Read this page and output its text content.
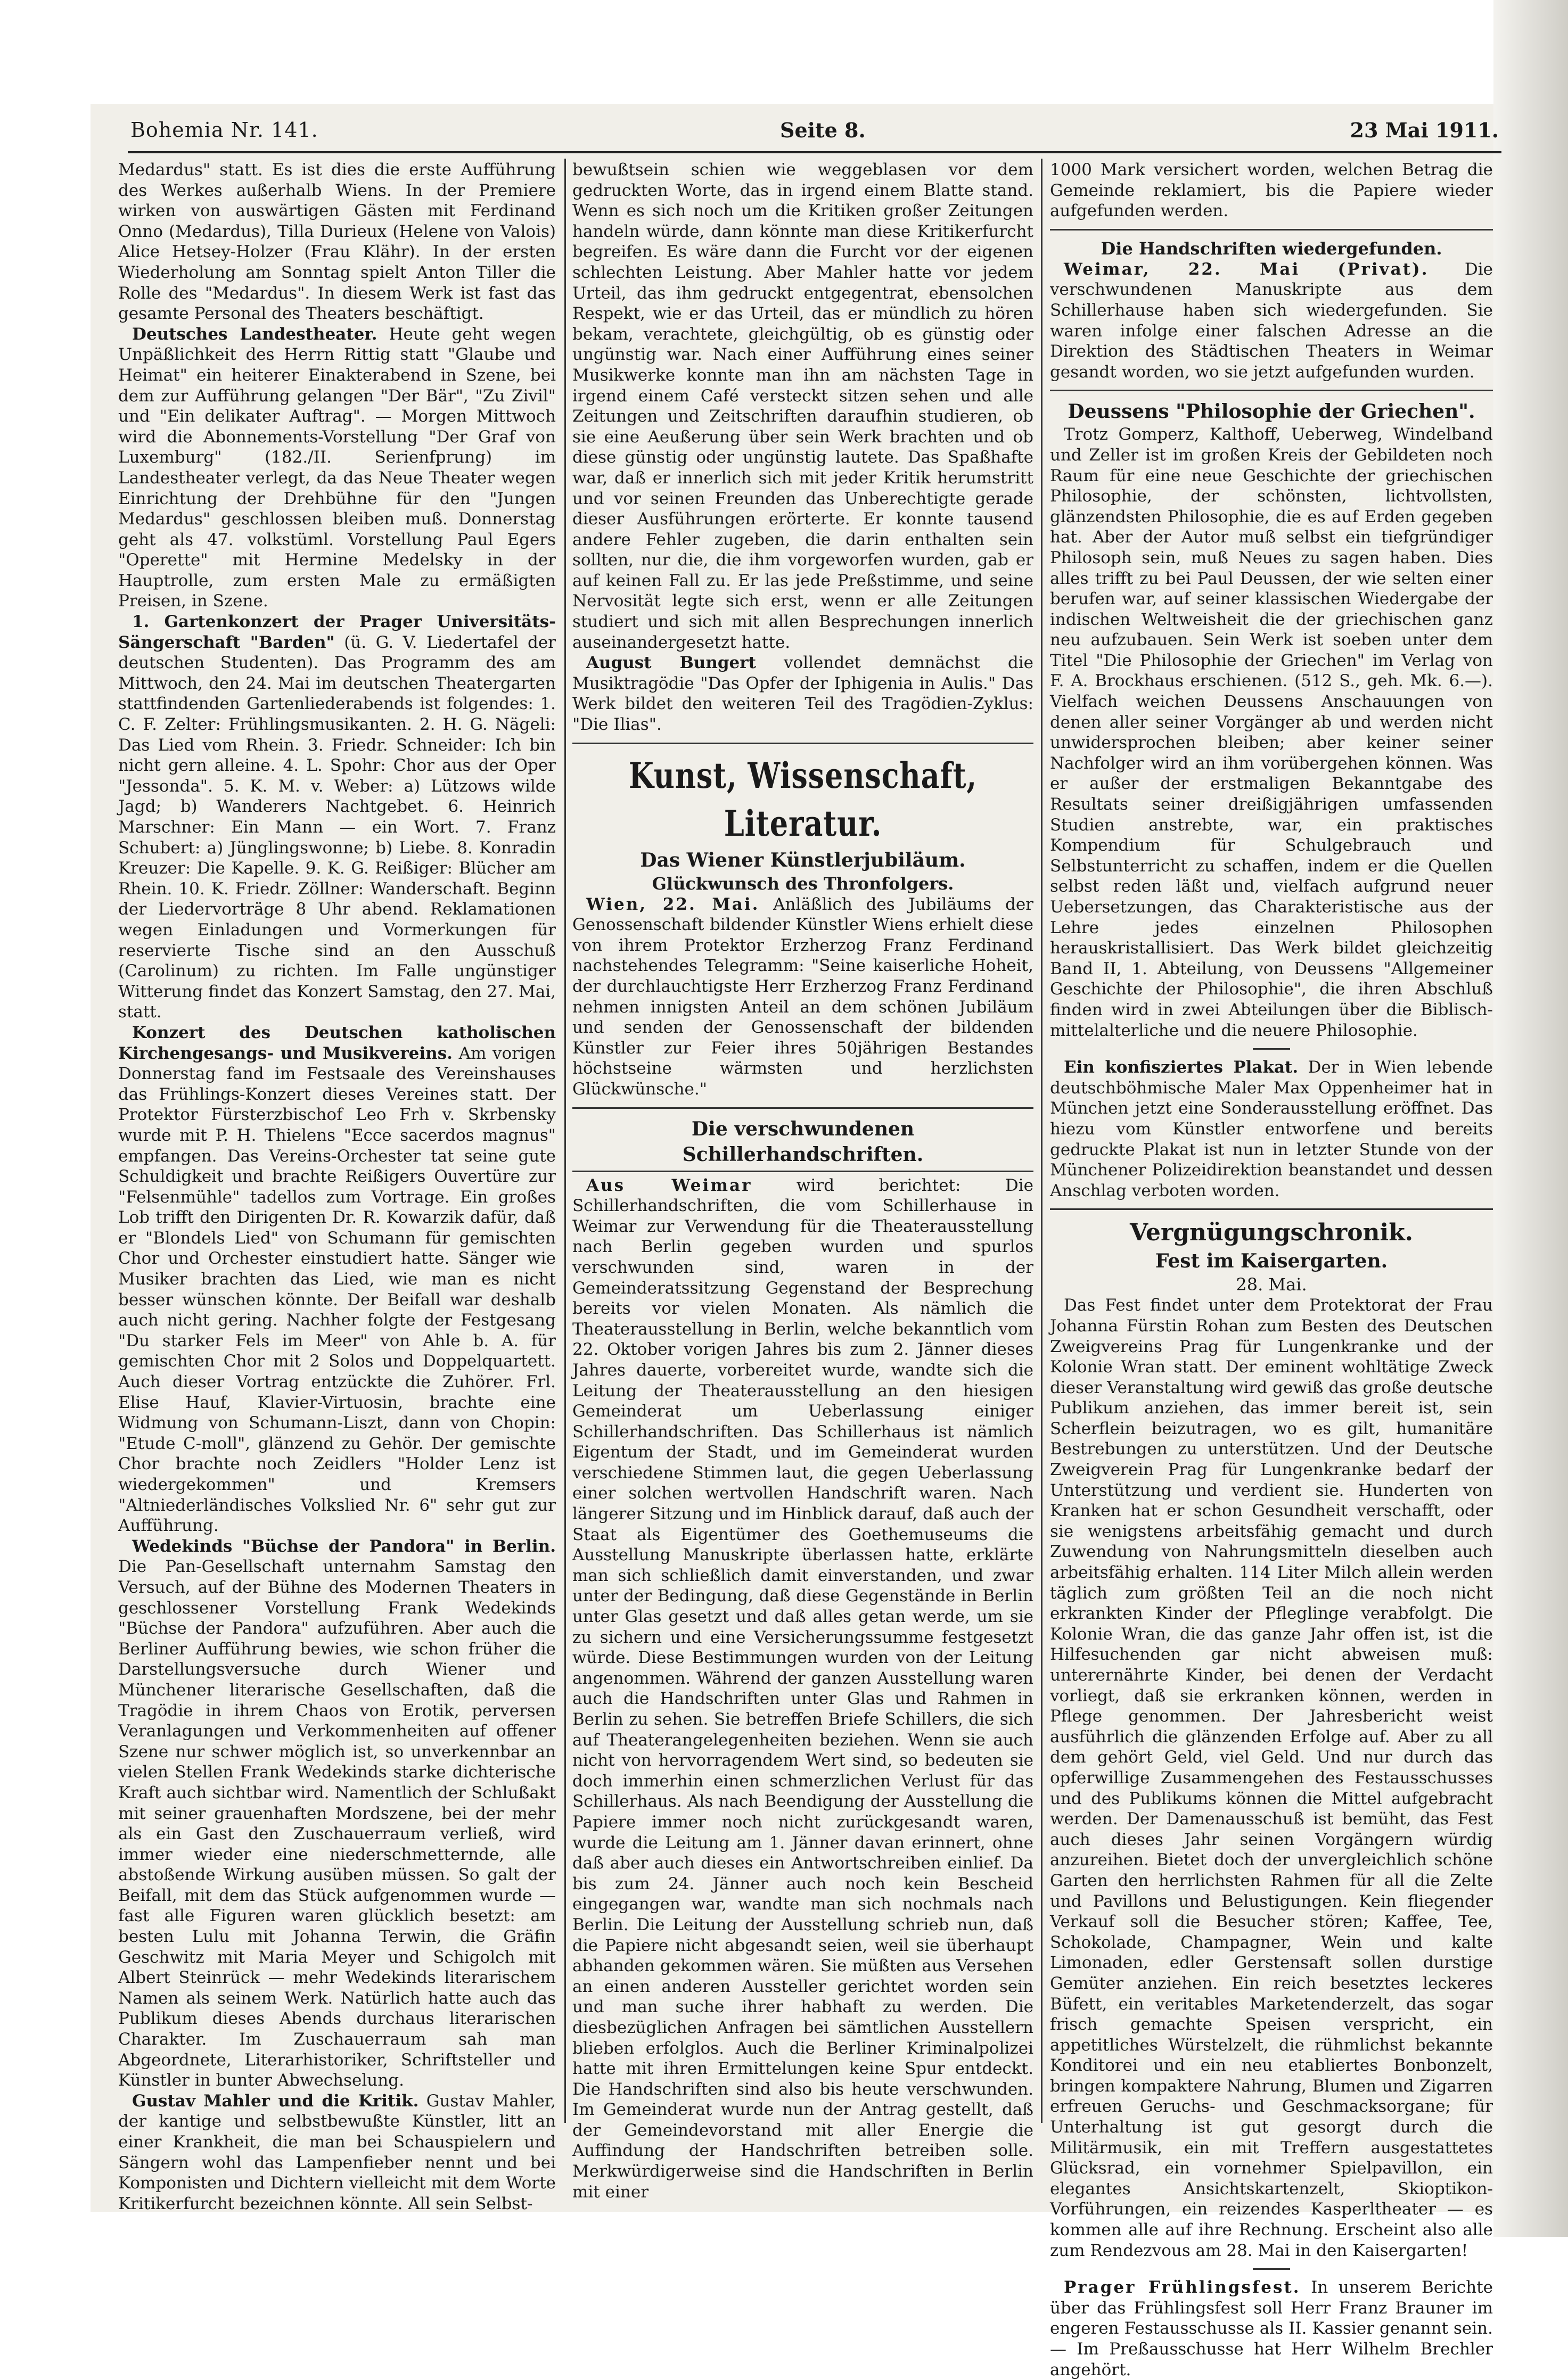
Bohemia Nr. 141.	Seite 8.	23 Mai 1911.

Medardus" statt. Es ist dies die erste Aufführung des Werkes außerhalb Wiens. In der Premiere wirken von auswärtigen Gästen mit Ferdinand Onno (Medardus), Tilla Durieux (Helene von Valois) Alice Hetsey-Holzer (Frau Klähr). In der ersten Wiederholung am Sonntag spielt Anton Tiller die Rolle des "Medardus". In diesem Werk ist fast das gesamte Personal des Theaters beschäftigt.

Deutsches Landestheater. Heute geht wegen Unpäßlichkeit des Herrn Rittig statt "Glaube und Heimat" ein heiterer Einakterabend in Szene, bei dem zur Aufführung gelangen "Der Bär", "Zu Zivil" und "Ein delikater Auftrag". — Morgen Mittwoch wird die Abonnements-Vorstellung "Der Graf von Luxemburg" (182./II. Serienfprung) im Landestheater verlegt, da das Neue Theater wegen Einrichtung der Drehbühne für den "Jungen Medardus" geschlossen bleiben muß. Donnerstag geht als 47. volkstüml. Vorstellung Paul Egers "Operette" mit Hermine Medelsky in der Hauptrolle, zum ersten Male zu ermäßigten Preisen, in Szene.

1. Gartenkonzert der Prager Universitäts-Sängerschaft "Barden" (ü. G. V. Liedertafel der deutschen Studenten). Das Programm des am Mittwoch, den 24. Mai im deutschen Theatergarten stattfindenden Gartenliederabends ist folgendes: 1. C. F. Zelter: Frühlingsmusikanten. 2. H. G. Nägeli: Das Lied vom Rhein. 3. Friedr. Schneider: Ich bin nicht gern alleine. 4. L. Spohr: Chor aus der Oper "Jessonda". 5. K. M. v. Weber: a) Lützows wilde Jagd; b) Wanderers Nachtgebet. 6. Heinrich Marschner: Ein Mann — ein Wort. 7. Franz Schubert: a) Jünglingswonne; b) Liebe. 8. Konradin Kreuzer: Die Kapelle. 9. K. G. Reißiger: Blücher am Rhein. 10. K. Friedr. Zöllner: Wanderschaft. Beginn der Liedervorträge 8 Uhr abend. Reklamationen wegen Einladungen und Vormerkungen für reservierte Tische sind an den Ausschuß (Carolinum) zu richten. Im Falle ungünstiger Witterung findet das Konzert Samstag, den 27. Mai, statt.

Konzert des Deutschen katholischen Kirchengesangs- und Musikvereins. Am vorigen Donnerstag fand im Festsaale des Vereinshauses das Frühlings-Konzert dieses Vereines statt. Der Protektor Fürsterzbischof Leo Frh v. Skrbensky wurde mit P. H. Thielens "Ecce sacerdos magnus" empfangen. Das Vereins-Orchester tat seine gute Schuldigkeit und brachte Reißigers Ouvertüre zur "Felsenmühle" tadellos zum Vortrage. Ein großes Lob trifft den Dirigenten Dr. R. Kowarzik dafür, daß er "Blondels Lied" von Schumann für gemischten Chor und Orchester einstudiert hatte. Sänger wie Musiker brachten das Lied, wie man es nicht besser wünschen könnte. Der Beifall war deshalb auch nicht gering. Nachher folgte der Festgesang "Du starker Fels im Meer" von Ahle b. A. für gemischten Chor mit 2 Solos und Doppelquartett. Auch dieser Vortrag entzückte die Zuhörer. Frl. Elise Hauf, Klavier-Virtuosin, brachte eine Widmung von Schumann-Liszt, dann von Chopin: "Etude C-moll", glänzend zu Gehör. Der gemischte Chor brachte noch Zeidlers "Holder Lenz ist wiedergekommen" und Kremsers "Altniederländisches Volkslied Nr. 6" sehr gut zur Aufführung.

Wedekinds "Büchse der Pandora" in Berlin. Die Pan-Gesellschaft unternahm Samstag den Versuch, auf der Bühne des Modernen Theaters in geschlossener Vorstellung Frank Wedekinds "Büchse der Pandora" aufzuführen. Aber auch die Berliner Aufführung bewies, wie schon früher die Darstellungsversuche durch Wiener und Münchener literarische Gesellschaften, daß die Tragödie in ihrem Chaos von Erotik, perversen Veranlagungen und Verkommenheiten auf offener Szene nur schwer möglich ist, so unverkennbar an vielen Stellen Frank Wedekinds starke dichterische Kraft auch sichtbar wird. Namentlich der Schlußakt mit seiner grauenhaften Mordszene, bei der mehr als ein Gast den Zuschauerraum verließ, wird immer wieder eine niederschmetternde, alle abstoßende Wirkung ausüben müssen. So galt der Beifall, mit dem das Stück aufgenommen wurde — fast alle Figuren waren glücklich besetzt: am besten Lulu mit Johanna Terwin, die Gräfin Geschwitz mit Maria Meyer und Schigolch mit Albert Steinrück — mehr Wedekinds literarischem Namen als seinem Werk. Natürlich hatte auch das Publikum dieses Abends durchaus literarischen Charakter. Im Zuschauerraum sah man Abgeordnete, Literarhistoriker, Schriftsteller und Künstler in bunter Abwechselung.

Gustav Mahler und die Kritik. Gustav Mahler, der kantige und selbstbewußte Künstler, litt an einer Krankheit, die man bei Schauspielern und Sängern wohl das Lampenfieber nennt und bei Komponisten und Dichtern vielleicht mit dem Worte Kritikerfurcht bezeichnen könnte. All sein Selbst-

bewußtsein schien wie weggeblasen vor dem gedruckten Worte, das in irgend einem Blatte stand. Wenn es sich noch um die Kritiken großer Zeitungen handeln würde, dann könnte man diese Kritikerfurcht begreifen. Es wäre dann die Furcht vor der eigenen schlechten Leistung. Aber Mahler hatte vor jedem Urteil, das ihm gedruckt entgegentrat, ebensolchen Respekt, wie er das Urteil, das er mündlich zu hören bekam, verachtete, gleichgültig, ob es günstig oder ungünstig war. Nach einer Aufführung eines seiner Musikwerke konnte man ihn am nächsten Tage in irgend einem Café versteckt sitzen sehen und alle Zeitungen und Zeitschriften daraufhin studieren, ob sie eine Aeußerung über sein Werk brachten und ob diese günstig oder ungünstig lautete. Das Spaßhafte war, daß er innerlich sich mit jeder Kritik herumstritt und vor seinen Freunden das Unberechtigte gerade dieser Ausführungen erörterte. Er konnte tausend andere Fehler zugeben, die darin enthalten sein sollten, nur die, die ihm vorgeworfen wurden, gab er auf keinen Fall zu. Er las jede Preßstimme, und seine Nervosität legte sich erst, wenn er alle Zeitungen studiert und sich mit allen Besprechungen innerlich auseinandergesetzt hatte.

August Bungert vollendet demnächst die Musiktragödie "Das Opfer der Iphigenia in Aulis." Das Werk bildet den weiteren Teil des Tragödien-Zyklus: "Die Ilias".

Kunst, Wissenschaft, Literatur.
Das Wiener Künstlerjubiläum.
Glückwunsch des Thronfolgers.

Wien, 22. Mai. Anläßlich des Jubiläums der Genossenschaft bildender Künstler Wiens erhielt diese von ihrem Protektor Erzherzog Franz Ferdinand nachstehendes Telegramm: "Seine kaiserliche Hoheit, der durchlauchtigste Herr Erzherzog Franz Ferdinand nehmen innigsten Anteil an dem schönen Jubiläum und senden der Genossenschaft der bildenden Künstler zur Feier ihres 50jährigen Bestandes höchstseine wärmsten und herzlichsten Glückwünsche."

Die verschwundenen Schillerhandschriften.

Aus Weimar	wird berichtet: Die Schillerhandschriften, die vom Schillerhause in Weimar zur Verwendung für die Theaterausstellung nach Berlin gegeben wurden und spurlos verschwunden sind, waren in der Gemeinderatssitzung Gegenstand der Besprechung bereits vor vielen Monaten. Als nämlich die Theaterausstellung in Berlin, welche bekanntlich vom 22. Oktober vorigen Jahres bis zum 2. Jänner dieses Jahres dauerte, vorbereitet wurde, wandte sich die Leitung der Theaterausstellung an den hiesigen Gemeinderat um Ueberlassung einiger Schillerhandschriften. Das Schillerhaus ist nämlich Eigentum der Stadt, und im Gemeinderat wurden verschiedene Stimmen laut, die gegen Ueberlassung einer solchen wertvollen Handschrift waren. Nach längerer Sitzung und im Hinblick darauf, daß auch der Staat als Eigentümer des Goethemuseums die Ausstellung Manuskripte überlassen hatte, erklärte man sich schließlich damit einverstanden, und zwar unter der Bedingung, daß diese Gegenstände in Berlin unter Glas gesetzt und daß alles getan werde, um sie zu sichern und eine Versicherungssumme festgesetzt würde. Diese Bestimmungen wurden von der Leitung angenommen. Während der ganzen Ausstellung waren auch die Handschriften unter Glas und Rahmen in Berlin zu sehen. Sie betreffen Briefe Schillers, die sich auf Theaterangelegenheiten beziehen. Wenn sie auch nicht von hervorragendem Wert sind, so bedeuten sie doch immerhin einen schmerzlichen Verlust für das Schillerhaus. Als nach Beendigung der Ausstellung die Papiere immer noch nicht zurückgesandt waren, wurde die Leitung am 1. Jänner davan erinnert, ohne daß aber auch dieses ein Antwortschreiben einlief. Da bis zum 24. Jänner auch noch kein Bescheid eingegangen war, wandte man sich nochmals nach Berlin. Die Leitung der Ausstellung schrieb nun, daß die Papiere nicht abgesandt seien, weil sie überhaupt abhanden gekommen wären. Sie müßten aus Versehen an einen anderen Aussteller gerichtet worden sein und man suche ihrer habhaft zu werden. Die diesbezüglichen Anfragen bei sämtlichen Ausstellern blieben erfolglos. Auch die Berliner Kriminalpolizei hatte mit ihren Ermittelungen keine Spur entdeckt. Die Handschriften sind also bis heute verschwunden. Im Gemeinderat wurde nun der Antrag gestellt, daß der Gemeindevorstand mit aller Energie die Auffindung der Handschriften betreiben solle. Merkwürdigerweise sind die Handschriften in Berlin mit einer

1000 Mark versichert worden, welchen Betrag die Gemeinde reklamiert, bis die Papiere wieder aufgefunden werden.

Die Handschriften wiedergefunden.

Weimar, 22. Mai (Privat). Die verschwundenen Manuskripte aus dem Schillerhause haben sich wiedergefunden. Sie waren infolge einer falschen Adresse an die Direktion des Städtischen Theaters in Weimar gesandt worden, wo sie jetzt aufgefunden wurden.

Deussens "Philosophie der Griechen".

Trotz Gomperz, Kalthoff, Ueberweg, Windelband und Zeller ist im großen Kreis der Gebildeten noch Raum für eine neue Geschichte der griechischen Philosophie, der schönsten, lichtvollsten, glänzendsten Philosophie, die es auf Erden gegeben hat. Aber der Autor muß selbst ein tiefgründiger Philosoph sein, muß Neues zu sagen haben. Dies alles trifft zu bei Paul Deussen, der wie selten einer berufen war, auf seiner klassischen Wiedergabe der indischen Weltweisheit die der griechischen ganz neu aufzubauen. Sein Werk ist soeben unter dem Titel "Die Philosophie der Griechen" im Verlag von F. A. Brockhaus erschienen. (512 S., geh. Mk. 6.—). Vielfach weichen Deussens Anschauungen von denen aller seiner Vorgänger ab und werden nicht unwidersprochen bleiben; aber keiner seiner Nachfolger wird an ihm vorübergehen können. Was er außer der erstmaligen Bekanntgabe des Resultats seiner dreißigjährigen umfassenden Studien anstrebte, war, ein praktisches Kompendium für Schulgebrauch und Selbstunterricht zu schaffen, indem er die Quellen selbst reden läßt und, vielfach aufgrund neuer Uebersetzungen, das Charakteristische aus der Lehre jedes einzelnen Philosophen herauskristallisiert. Das Werk bildet gleichzeitig Band II, 1. Abteilung, von Deussens "Allgemeiner Geschichte der Philosophie", die ihren Abschluß finden wird in zwei Abteilungen über die Biblisch-mittelalterliche und die neuere Philosophie.

Ein konfisziertes Plakat. Der in Wien lebende deutschböhmische Maler Max Oppenheimer hat in München jetzt eine Sonderausstellung eröffnet. Das hiezu vom Künstler entworfene und bereits gedruckte Plakat ist nun in letzter Stunde von der Münchener Polizeidirektion beanstandet und dessen Anschlag verboten worden.

Vergnügungschronik.
Fest im Kaisergarten.
28. Mai.

Das Fest findet unter dem Protektorat der Frau Johanna Fürstin Rohan zum Besten des Deutschen Zweigvereins Prag für Lungenkranke und der Kolonie Wran statt. Der eminent wohltätige Zweck dieser Veranstaltung wird gewiß das große deutsche Publikum anziehen, das immer bereit ist, sein Scherflein beizutragen, wo es gilt, humanitäre Bestrebungen zu unterstützen. Und der Deutsche Zweigverein Prag für Lungenkranke bedarf der Unterstützung und verdient sie. Hunderten von Kranken hat er schon Gesundheit verschafft, oder sie wenigstens arbeitsfähig gemacht und durch Zuwendung von Nahrungsmitteln dieselben auch arbeitsfähig erhalten. 114 Liter Milch allein werden täglich zum größten Teil an die noch nicht erkrankten Kinder der Pfleglinge verabfolgt. Die Kolonie Wran, die das ganze Jahr offen ist, ist die Hilfesuchenden gar nicht abweisen muß: unterernährte Kinder, bei denen der Verdacht vorliegt, daß sie erkranken können, werden in Pflege genommen. Der Jahresbericht weist ausführlich die glänzenden Erfolge auf. Aber zu all dem gehört Geld, viel Geld. Und nur durch das opferwillige Zusammengehen des Festausschusses und des Publikums können die Mittel aufgebracht werden. Der Damenausschuß ist bemüht, das Fest auch dieses Jahr seinen Vorgängern würdig anzureihen. Bietet doch der unvergleichlich schöne Garten den herrlichsten Rahmen für all die Zelte und Pavillons und Belustigungen. Kein fliegender Verkauf soll die Besucher stören; Kaffee, Tee, Schokolade, Champagner, Wein und kalte Limonaden, edler Gerstensaft sollen durstige Gemüter anziehen. Ein reich besetztes leckeres Büfett, ein veritables Marketenderzelt, das sogar frisch gemachte Speisen verspricht, ein appetitliches Würstelzelt, die rühmlichst bekannte Konditorei und ein neu etabliertes Bonbonzelt, bringen kompaktere Nahrung, Blumen und Zigarren erfreuen Geruchs- und Geschmacksorgane; für Unterhaltung ist gut gesorgt durch die Militärmusik, ein mit Treffern ausgestattetes Glücksrad, ein vornehmer Spielpavillon, ein elegantes Ansichtskartenzelt, Skioptikon-Vorführungen, ein reizendes Kasperltheater — es kommen alle auf ihre Rechnung. Erscheint also alle zum Rendezvous am 28. Mai in den Kaisergarten!

Prager Frühlingsfest. In unserem Berichte über das Frühlingsfest soll Herr Franz Brauner im engeren Festausschusse als II. Kassier genannt sein. — Im Preßausschusse hat Herr Wilhelm Brechler angehört.
